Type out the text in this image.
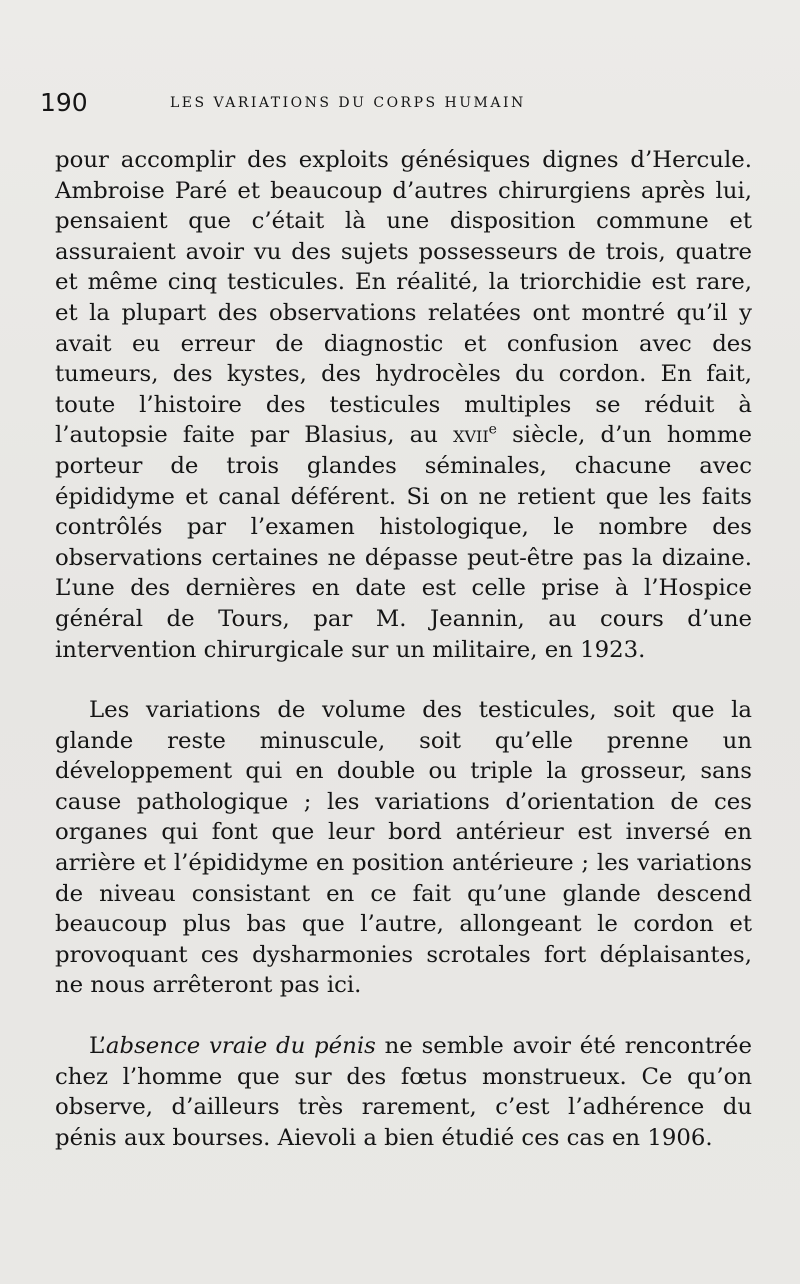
190	LES VARIATIONS DU CORPS HUMAIN

pour accomplir des exploits génésiques dignes d’Hercule. Ambroise Paré et beaucoup d’autres chirurgiens après lui, pensaient que c’était là une disposition commune et assuraient avoir vu des sujets possesseurs de trois, quatre et même cinq testicules. En réalité, la triorchidie est rare, et la plupart des observations relatées ont montré qu’il y avait eu erreur de diagnostic et confusion avec des tumeurs, des kystes, des hydrocèles du cordon. En fait, toute l’histoire des testicules multiples se réduit à l’autopsie faite par Blasius, au xvii$^e$ siècle, d’un homme porteur de trois glandes séminales, chacune avec épididyme et canal déférent. Si on ne retient que les faits contrôlés par l’examen histologique, le nombre des observations certaines ne dépasse peut-être pas la dizaine. L’une des dernières en date est celle prise à l’Hospice général de Tours, par M. Jeannin, au cours d’une intervention chirurgicale sur un militaire, en 1923.

Les variations de volume des testicules, soit que la glande reste minuscule, soit qu’elle prenne un développement qui en double ou triple la grosseur, sans cause pathologique ; les variations d’orientation de ces organes qui font que leur bord antérieur est inversé en arrière et l’épididyme en position antérieure ; les variations de niveau consistant en ce fait qu’une glande descend beaucoup plus bas que l’autre, allongeant le cordon et provoquant ces dysharmonies scrotales fort déplaisantes, ne nous arrêteront pas ici.

L’absence vraie du pénis ne semble avoir été rencontrée chez l’homme que sur des fœtus monstrueux. Ce qu’on observe, d’ailleurs très rarement, c’est l’adhérence du pénis aux bourses. Aievoli a bien étudié ces cas en 1906.
